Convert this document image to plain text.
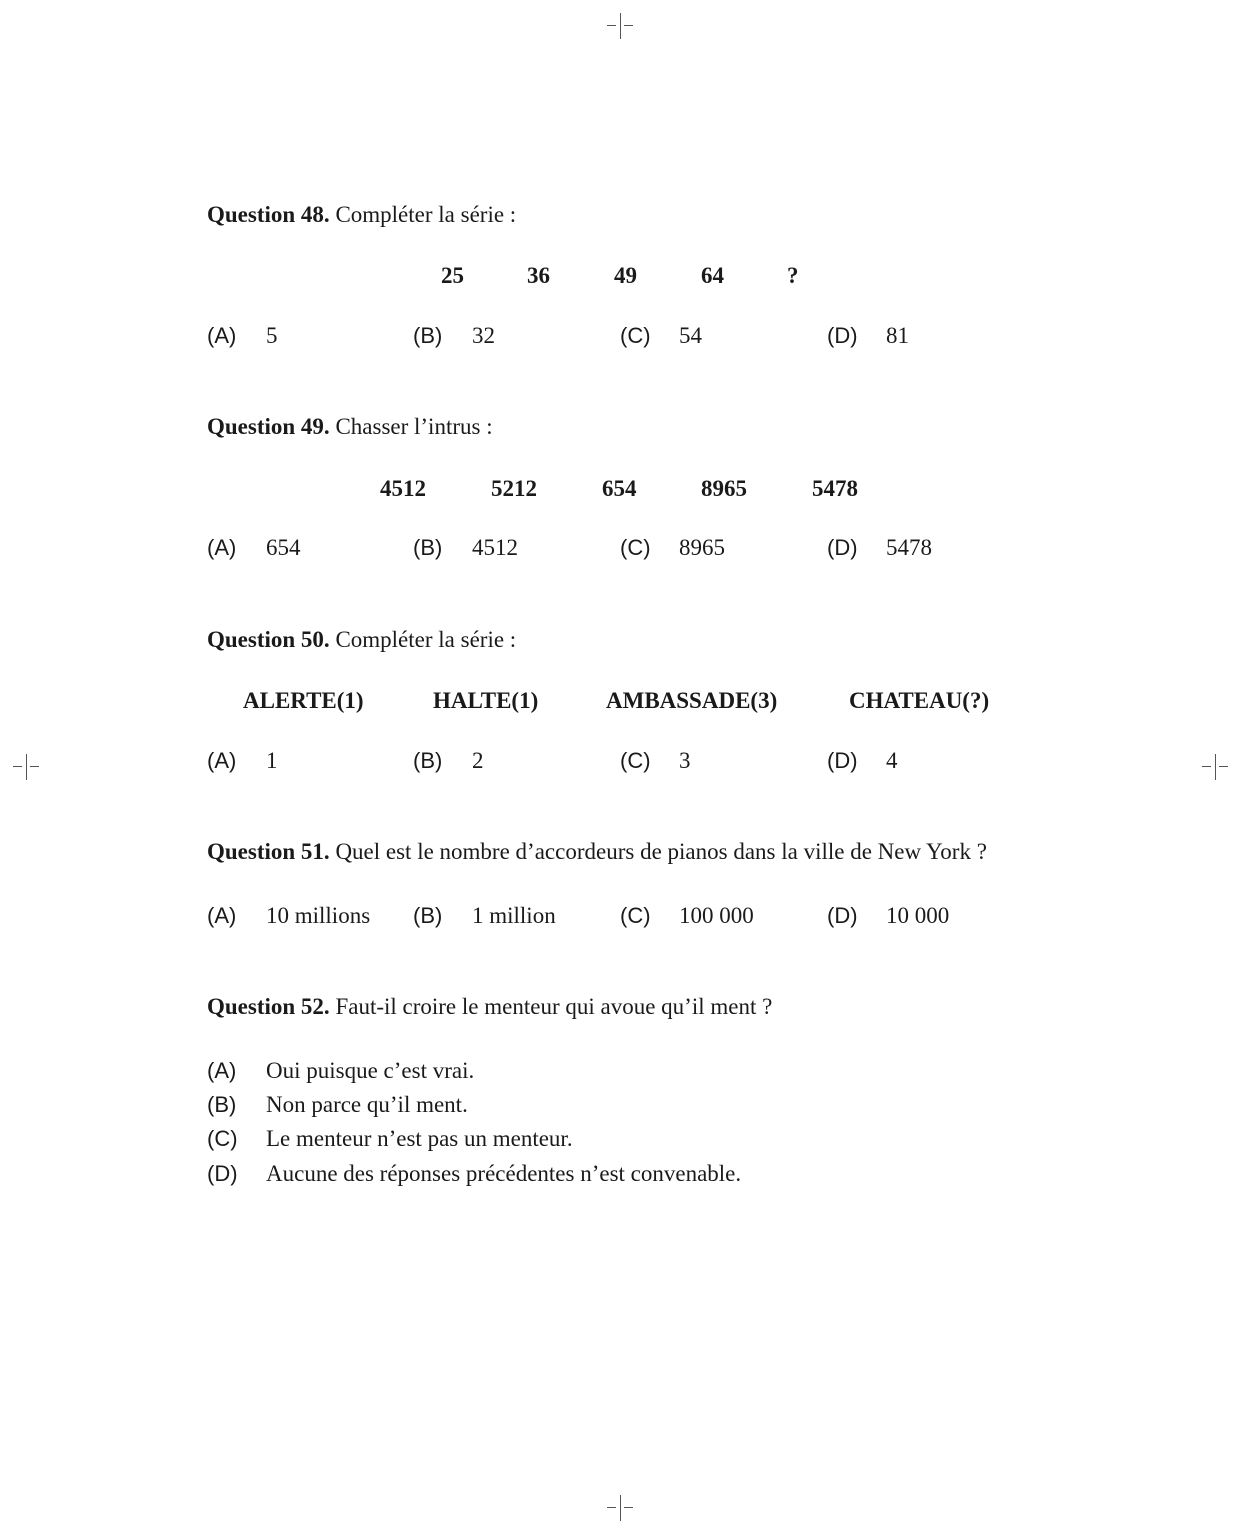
Question 48. Compléter la série :
25	36	49	64	?
(A) 5	(B) 32	(C) 54	(D) 81
Question 49. Chasser l’intrus :
4512	5212	654	8965	5478
(A) 654	(B) 4512	(C) 8965	(D) 5478
Question 50. Compléter la série :
ALERTE(1)	HALTE(1)	AMBASSADE(3)	CHATEAU(?)
(A) 1	(B) 2	(C) 3	(D) 4
Question 51. Quel est le nombre d’accordeurs de pianos dans la ville de New York ?
(A) 10 millions (B) 1 million	(C) 100 000	(D) 10 000
Question 52. Faut-il croire le menteur qui avoue qu’il ment ?
(A) Oui puisque c’est vrai.
(B) Non parce qu’il ment.
(C) Le menteur n’est pas un menteur.
(D) Aucune des réponses précédentes n’est convenable.
